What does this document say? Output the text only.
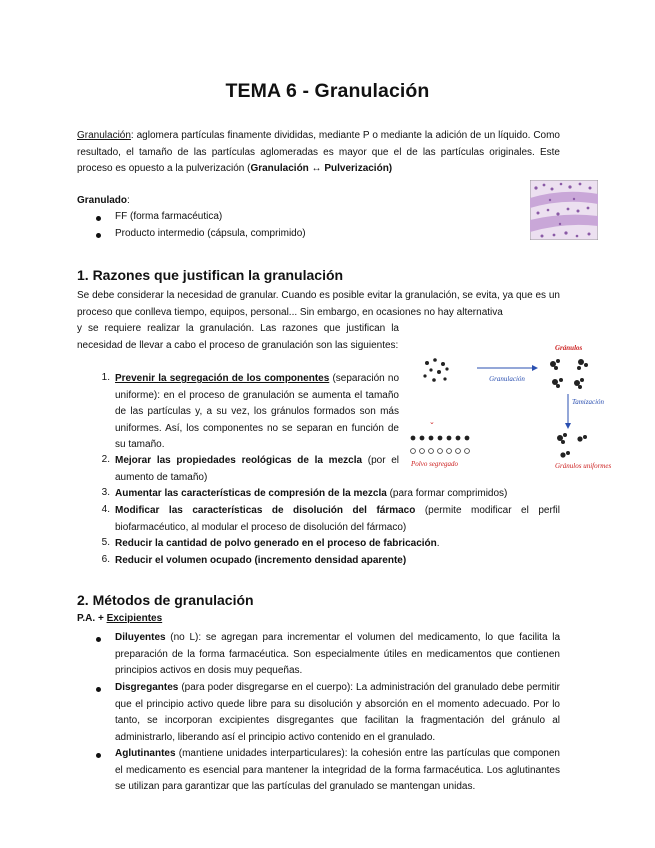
TEMA 6 - Granulación
Granulación: aglomera partículas finamente divididas, mediante P o mediante la adición de un líquido. Como resultado, el tamaño de las partículas aglomeradas es mayor que el de las partículas originales. Este proceso es opuesto a la pulverización (Granulación ↔ Pulverización)
Granulado:
FF (forma farmacéutica)
Producto intermedio (cápsula, comprimido)
1. Razones que justifican la granulación
Se debe considerar la necesidad de granular. Cuando es posible evitar la granulación, se evita, ya que es un proceso que conlleva tiempo, equipos, personal... Sin embargo, en ocasiones no hay alternativa
y se requiere realizar la granulación. Las razones que justifican la necesidad de llevar a cabo el proceso de granulación son las siguientes:
1. Prevenir la segregación de los componentes (separación no uniforme): en el proceso de granulación se aumenta el tamaño de las partículas y, a su vez, los gránulos formados son más uniformes. Así, los componentes no se separan en función de su tamaño.
2. Mejorar las propiedades reológicas de la mezcla (por el aumento de tamaño)
3. Aumentar las características de compresión de la mezcla (para formar comprimidos)
4. Modificar las características de disolución del fármaco (permite modificar el perfil biofarmacéutico, al modular el proceso de disolución del fármaco)
5. Reducir la cantidad de polvo generado en el proceso de fabricación.
6. Reducir el volumen ocupado (incremento densidad aparente)
Granulación
Gránulos
Tamización
⌄
Polvo segregado	Gránulos uniformes
2. Métodos de granulación
P.A. + Excipientes
Diluyentes (no L): se agregan para incrementar el volumen del medicamento, lo que facilita la preparación de la forma farmacéutica. Son especialmente útiles en medicamentos que contienen principios activos en dosis muy pequeñas.
Disgregantes (para poder disgregarse en el cuerpo): La administración del granulado debe permitir que el principio activo quede libre para su disolución y absorción en el momento adecuado. Por lo tanto, se incorporan excipientes disgregantes que facilitan la fragmentación del gránulo al administrarlo, liberando así el principio activo contenido en el granulado.
Aglutinantes (mantiene unidades interparticulares): la cohesión entre las partículas que componen el medicamento es esencial para mantener la integridad de la forma farmacéutica. Los aglutinantes se utilizan para garantizar que las partículas del granulado se mantengan unidas.
